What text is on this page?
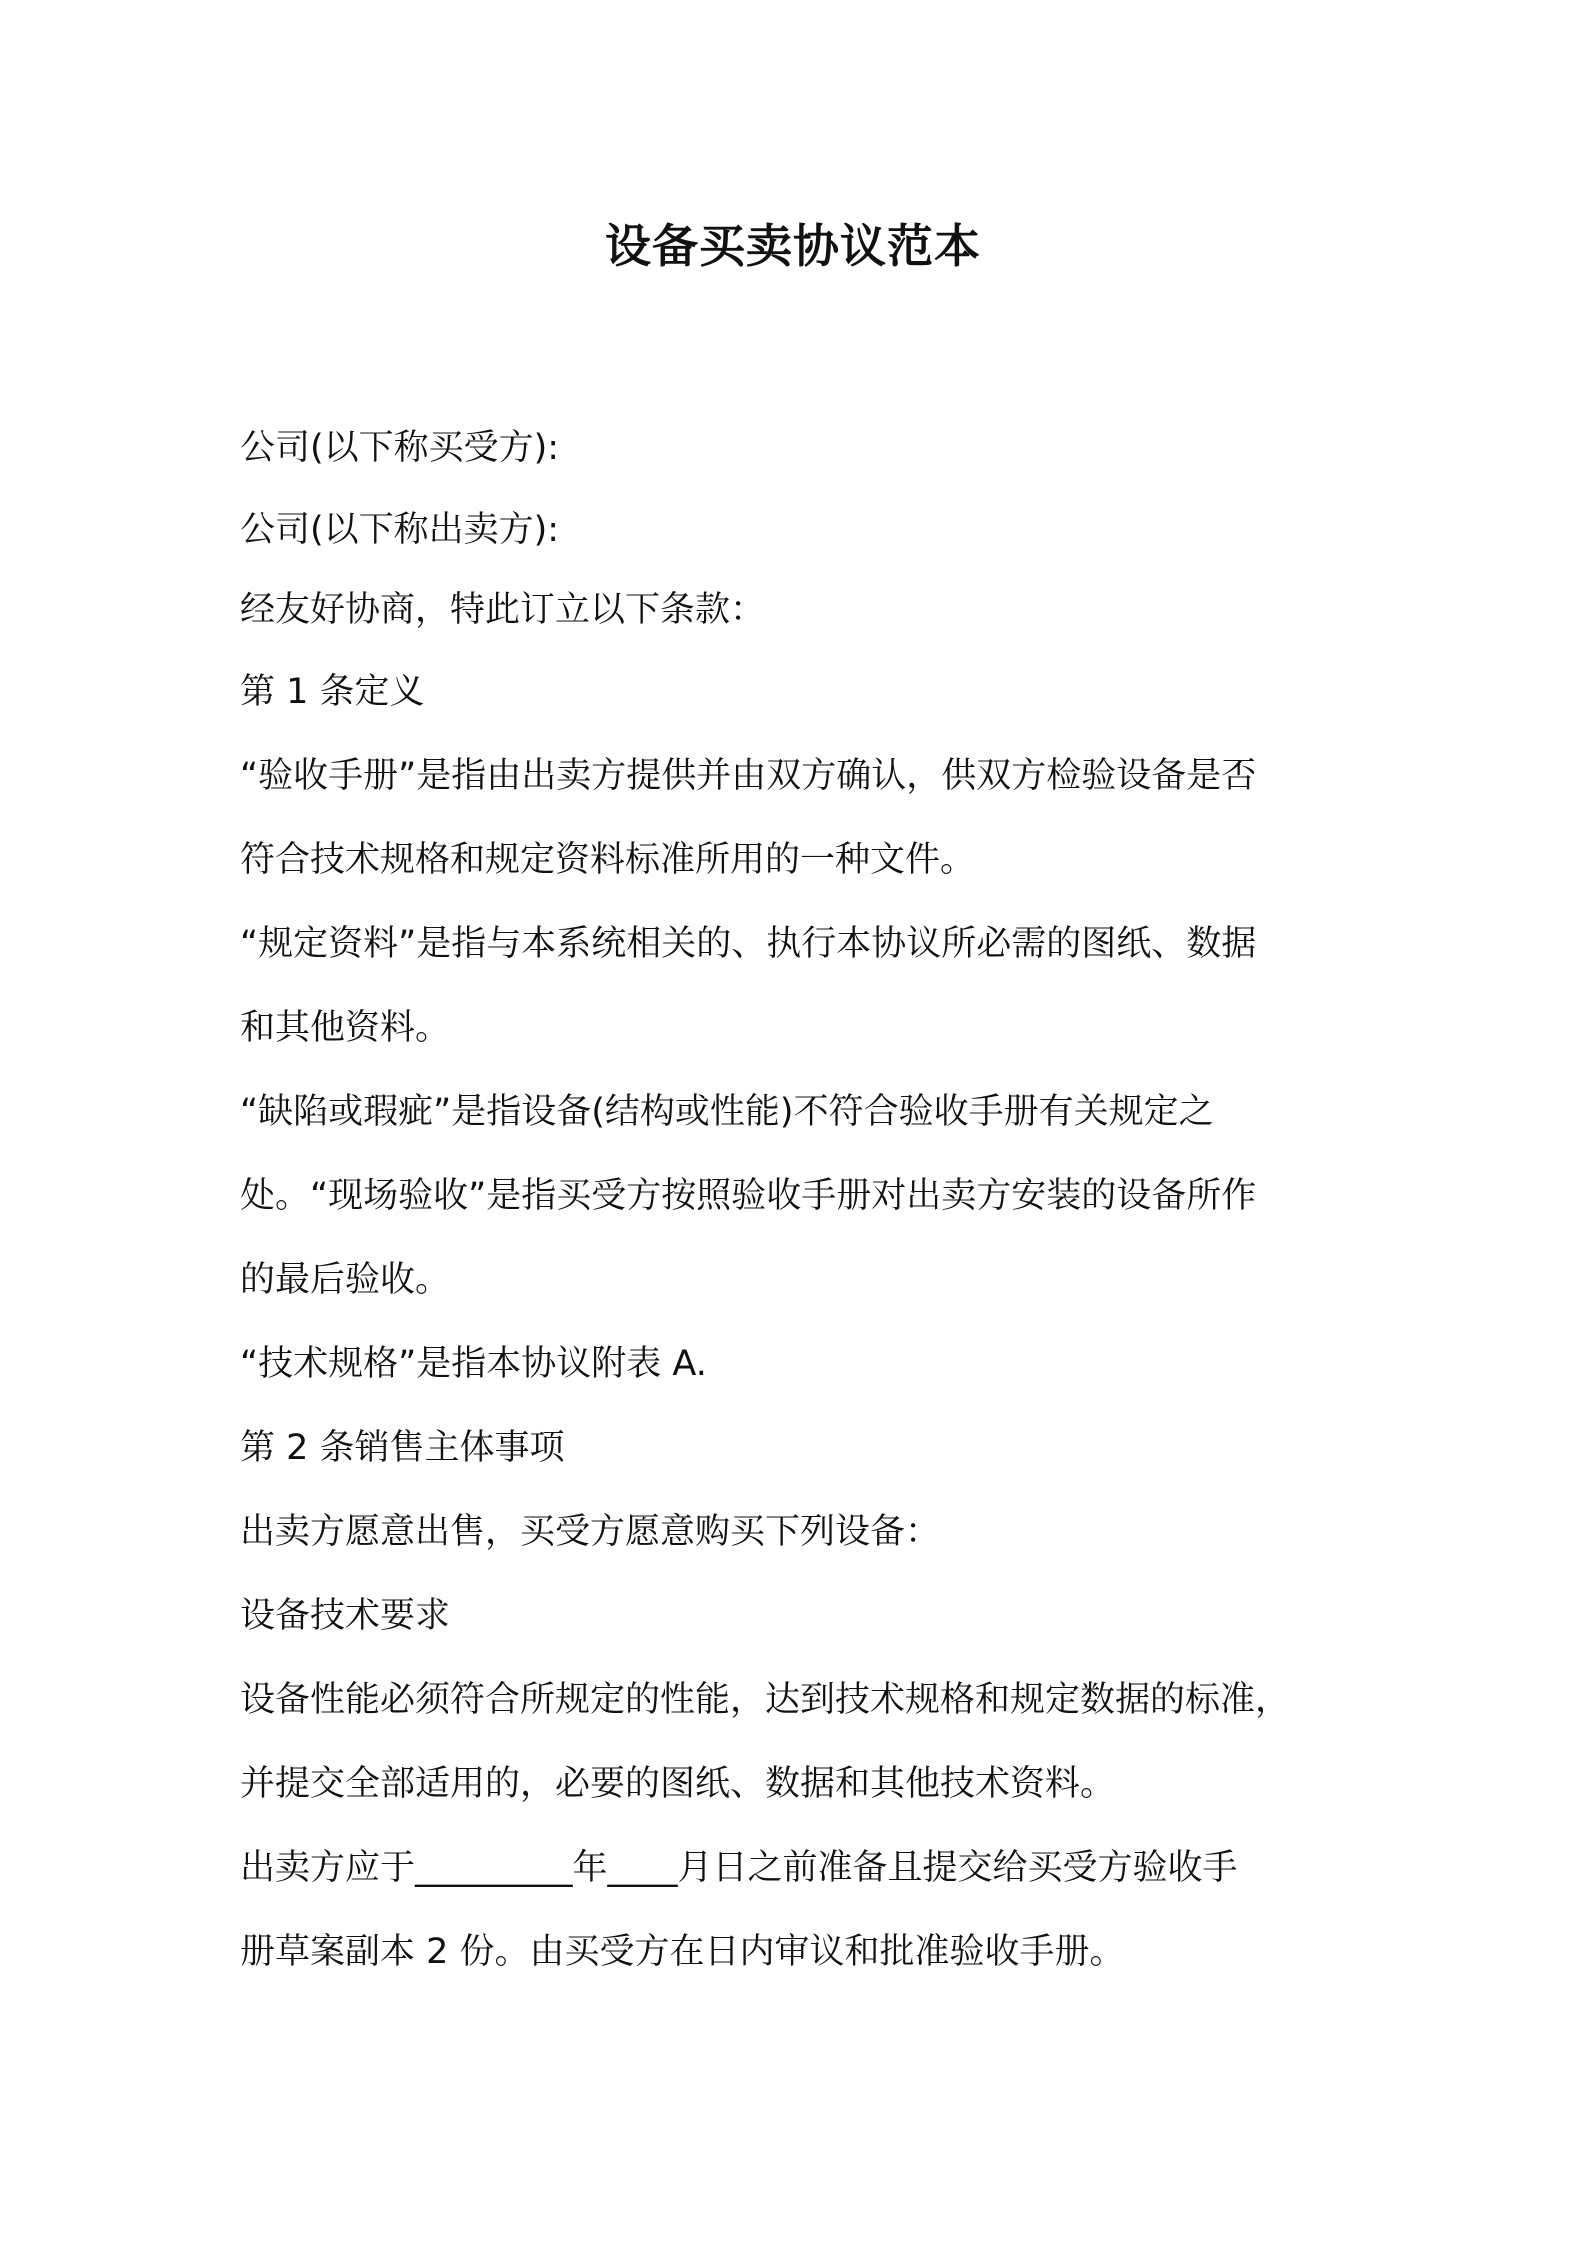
设备买卖协议范本
公司(以下称买受方):
公司(以下称出卖方):
经友好协商，特此订立以下条款：
第 1 条定义
“验收手册”是指由出卖方提供并由双方确认，供双方检验设备是否
符合技术规格和规定资料标准所用的一种文件。
“规定资料”是指与本系统相关的、执行本协议所必需的图纸、数据
和其他资料。
“缺陷或瑕疵”是指设备(结构或性能)不符合验收手册有关规定之
处。“现场验收”是指买受方按照验收手册对出卖方安装的设备所作
的最后验收。
“技术规格”是指本协议附表 A.
第 2 条销售主体事项
出卖方愿意出售，买受方愿意购买下列设备：
设备技术要求
设备性能必须符合所规定的性能，达到技术规格和规定数据的标准，
并提交全部适用的，必要的图纸、数据和其他技术资料。
出卖方应于_________年____月日之前准备且提交给买受方验收手
册草案副本 2 份。由买受方在日内审议和批准验收手册。
